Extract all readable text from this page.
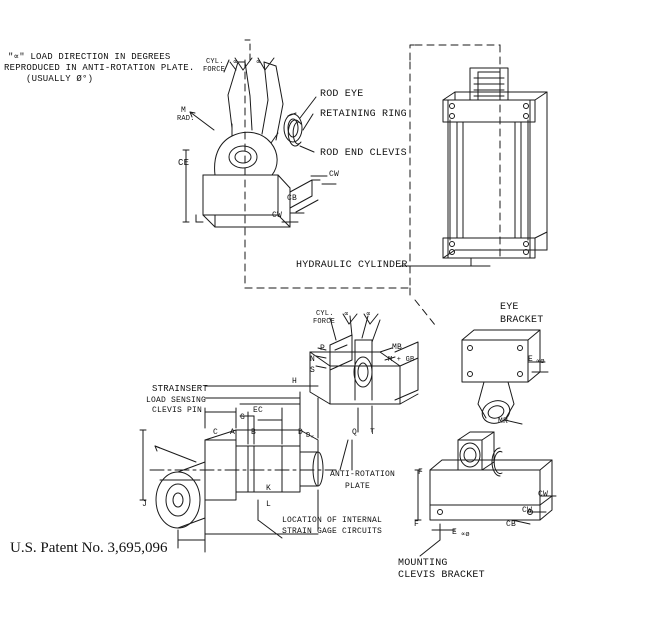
"∝" LOAD DIRECTION IN DEGREES
REPRODUCED IN ANTI-ROTATION PLATE.
(USUALLY Ø°)
CYL.
FORCE
∝ ∝
M
RAD.
CE
CW
CB
CW
ROD EYE
RETAINING RING
ROD END CLEVIS
HYDRAULIC CYLINDER
EYE
BRACKET
E ∝ø
MR
CYL.
FORCE
∝ ∝
P
N
S
MB
M + GB
Q T
ANTI-ROTATION
PLATE
STRAINSERT
LOAD SENSING
CLEVIS PIN
H
EC
G
C A B	D D₂
K
L
J
LOCATION OF INTERNAL
STRAIN GAGE CIRCUITS
F
F
E ∝ø
CW
CW
CB
MOUNTING
CLEVIS BRACKET
U.S. Patent No. 3,695,096
